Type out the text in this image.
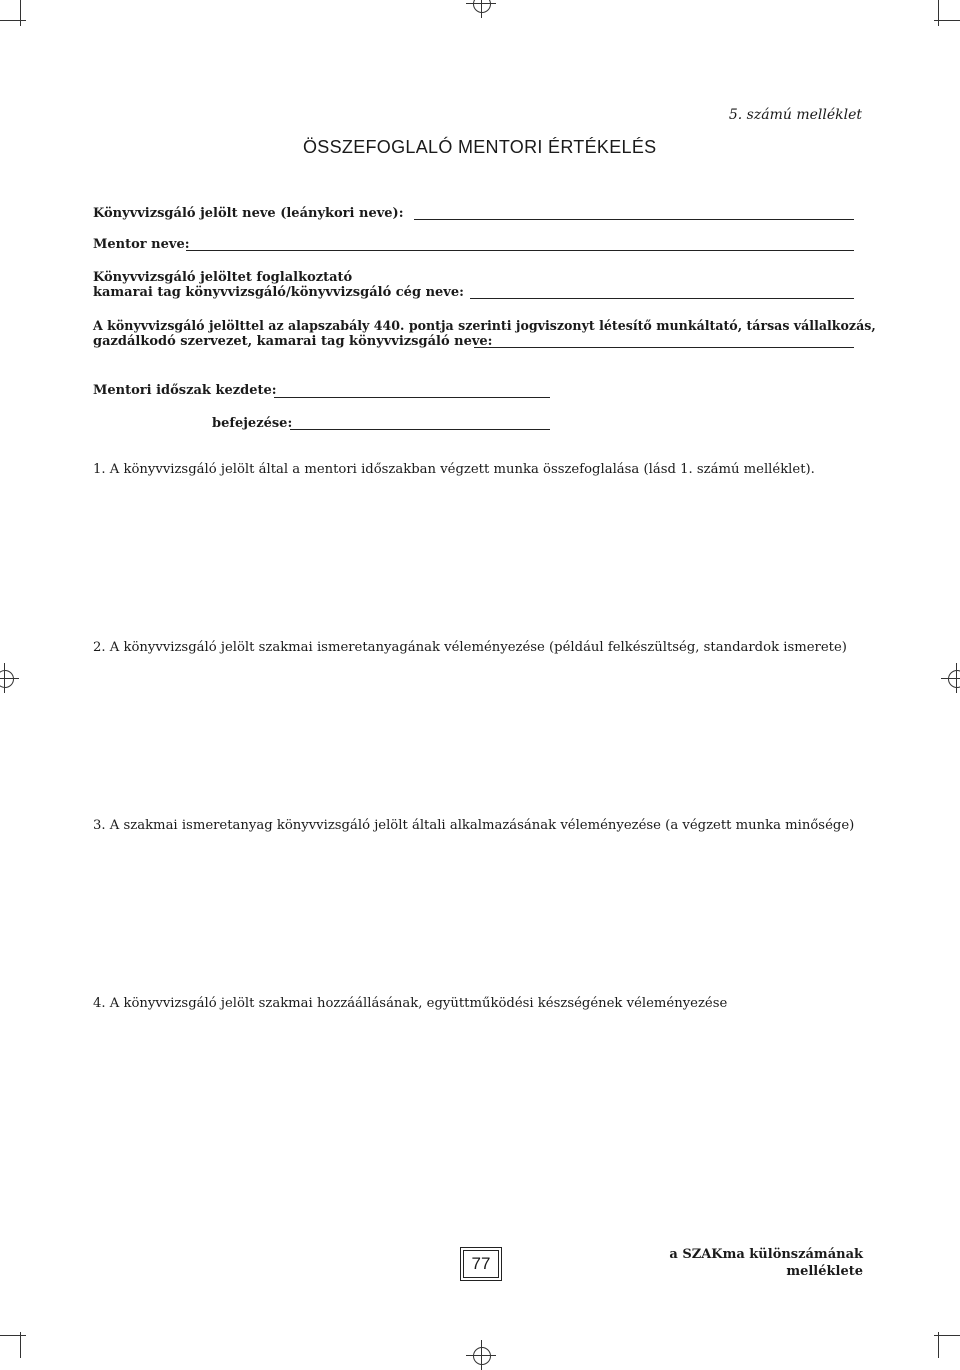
5. számú melléklet
ÖSSZEFOGLALÓ MENTORI ÉRTÉKELÉS
Könyvvizsgáló jelölt neve (leánykori neve):
Mentor neve:
Könyvvizsgáló jelöltet foglalkoztató
kamarai tag könyvvizsgáló/könyvvizsgáló cég neve:
A könyvvizsgáló jelölttel az alapszabály 440. pontja szerinti jogviszonyt létesítő munkáltató, társas vállalkozás,
gazdálkodó szervezet, kamarai tag könyvvizsgáló neve:
Mentori időszak kezdete:
befejezése:
1. A könyvvizsgáló jelölt által a mentori időszakban végzett munka összefoglalása (lásd 1. számú melléklet).
2. A könyvvizsgáló jelölt szakmai ismeretanyagának véleményezése (például felkészültség, standardok ismerete)
3. A szakmai ismeretanyag könyvvizsgáló jelölt általi alkalmazásának véleményezése (a végzett munka minősége)
4. A könyvvizsgáló jelölt szakmai hozzáállásának, együttműködési készségének véleményezése
77	a SZAKma különszámának
melléklete
